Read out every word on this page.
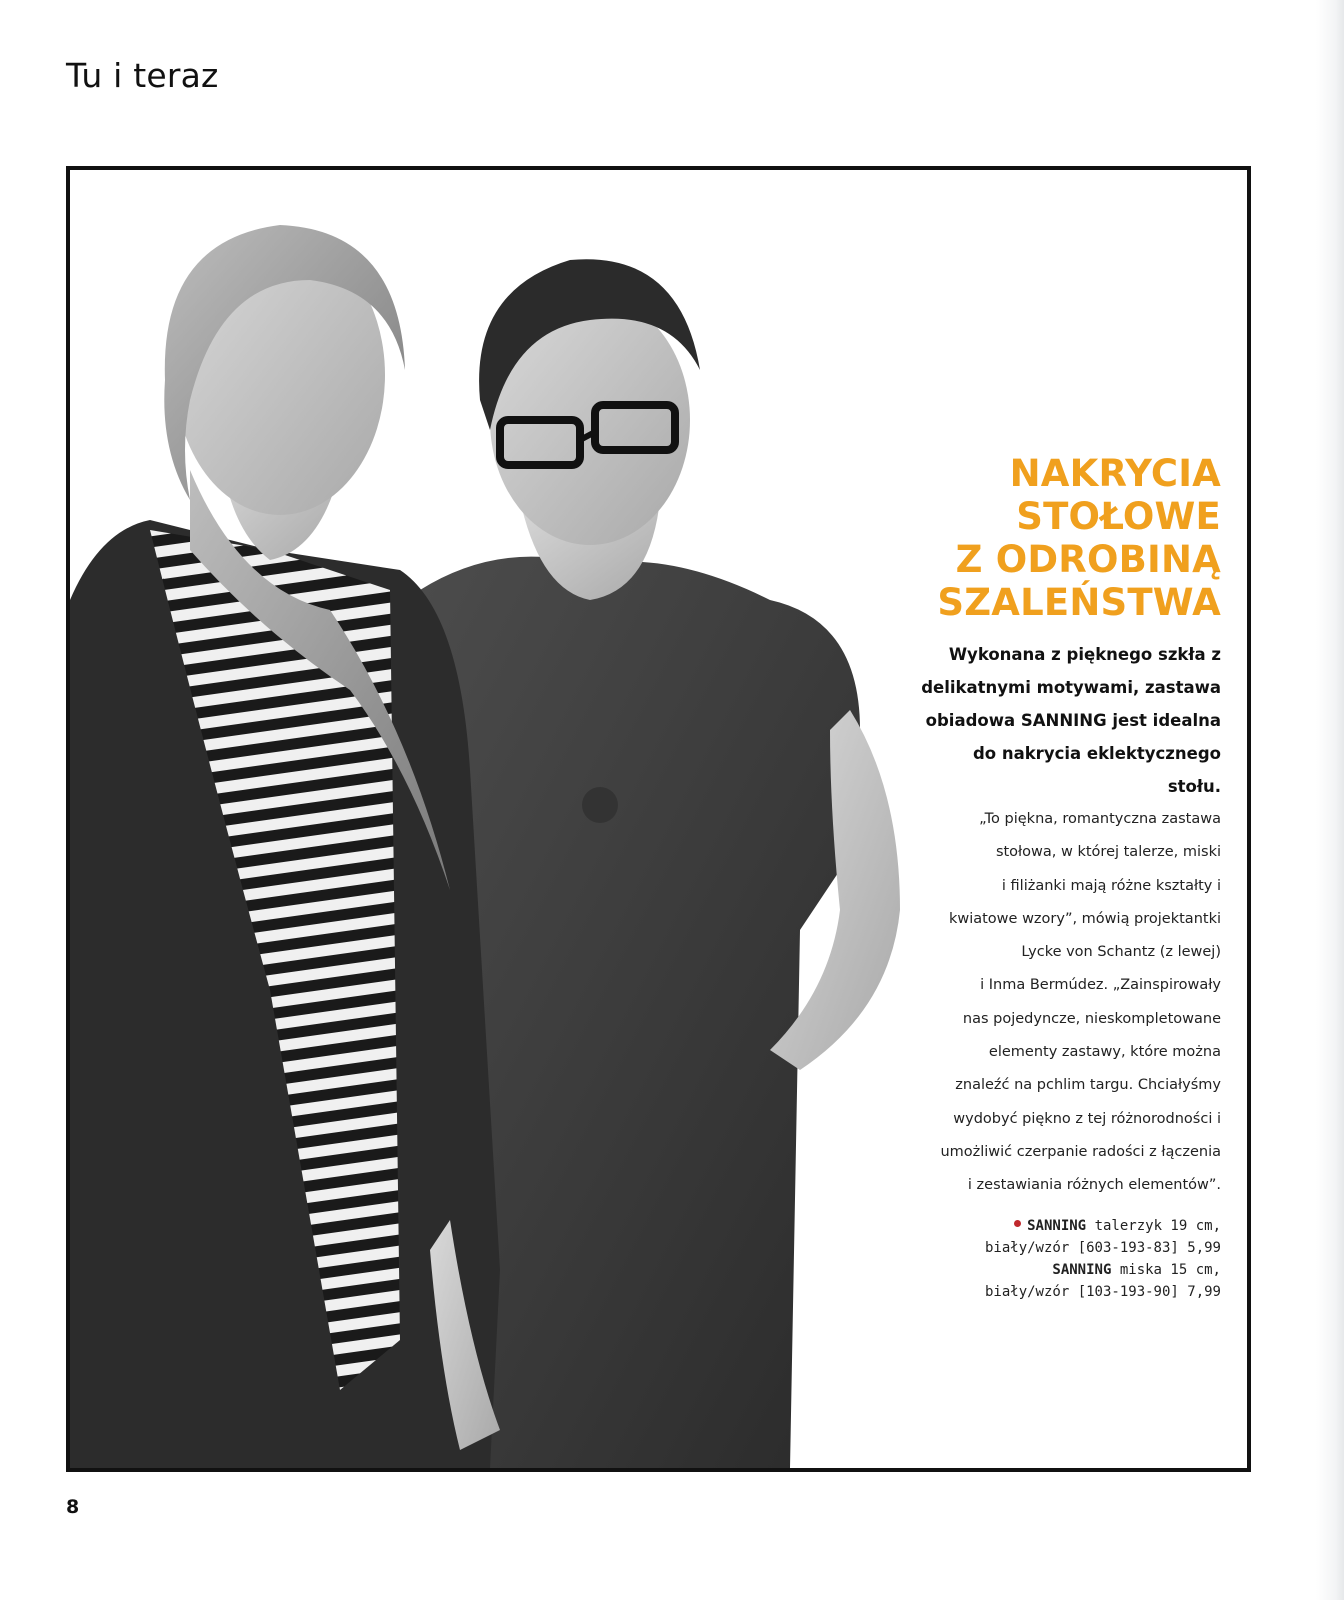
Tu i teraz
NAKRYCIA
STOŁOWE
Z ODROBINĄ
SZALEŃSTWA
Wykonana z pięknego szkła z
delikatnymi motywami, zastawa
obiadowa SANNING jest idealna
do nakrycia eklektycznego
stołu.
„To piękna, romantyczna zastawa
stołowa, w której talerze, miski
i filiżanki mają różne kształty i
kwiatowe wzory”, mówią projektantki
Lycke von Schantz (z lewej)
i Inma Bermúdez. „Zainspirowały
nas pojedyncze, nieskompletowane
elementy zastawy, które można
znaleźć na pchlim targu. Chciałyśmy
wydobyć piękno z tej różnorodności i
umożliwić czerpanie radości z łączenia
i zestawiania różnych elementów”.
SANNING talerzyk 19 cm,
biały/wzór [603-193-83] 5,99
SANNING miska 15 cm,
biały/wzór [103-193-90] 7,99
8
